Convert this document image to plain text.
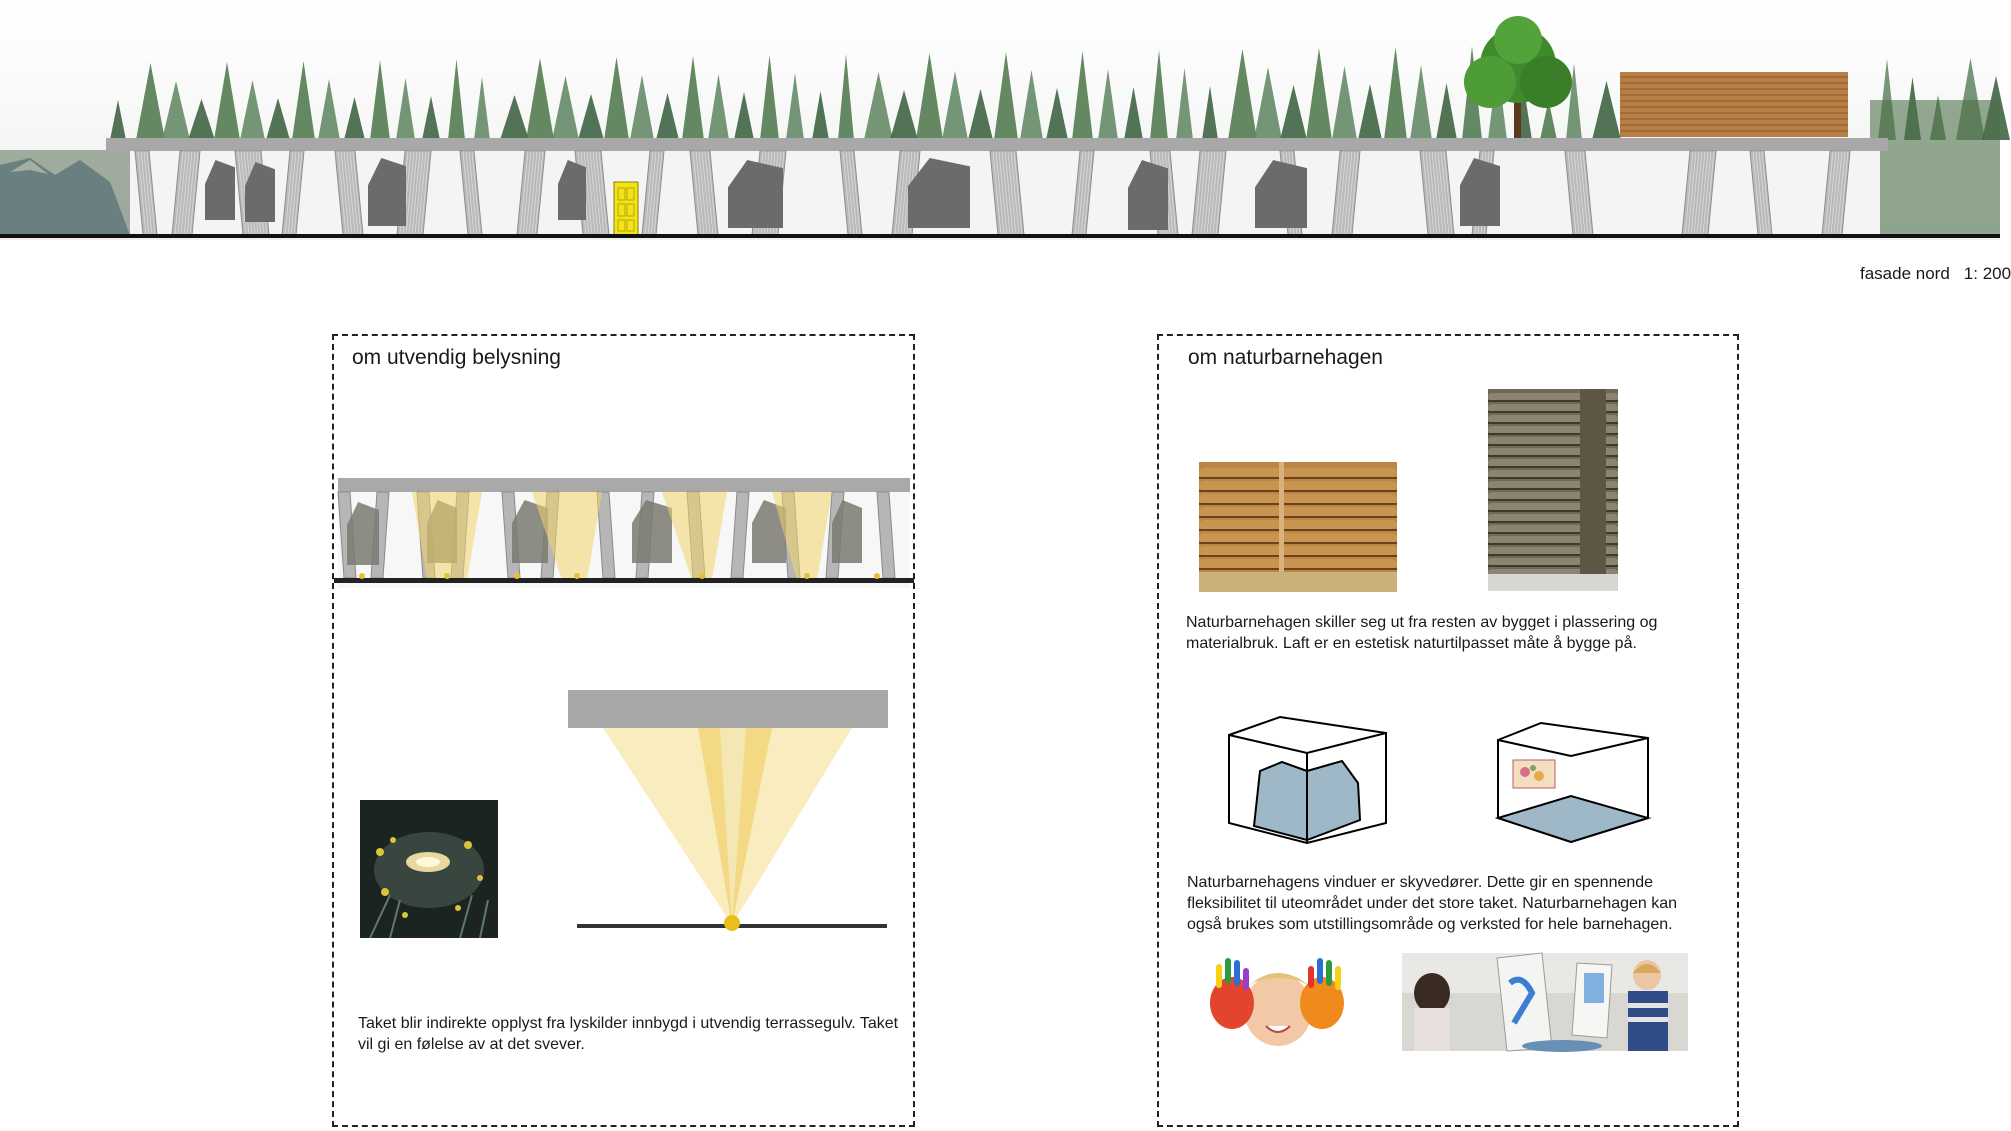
fasade nord 1: 200
om utvendig belysning
Taket blir indirekte opplyst fra lyskilder innbygd i utvendig terrassegulv. Taket vil gi en følelse av at det svever.
om naturbarnehagen
Naturbarnehagen skiller seg ut fra resten av bygget i plassering og materialbruk. Laft er en estetisk naturtilpasset måte å bygge på.
Naturbarnehagens vinduer er skyvedører. Dette gir en spennende fleksibilitet til uteområdet under det store taket. Naturbarnehagen kan også brukes som utstillingsområde og verksted for hele barnehagen.
